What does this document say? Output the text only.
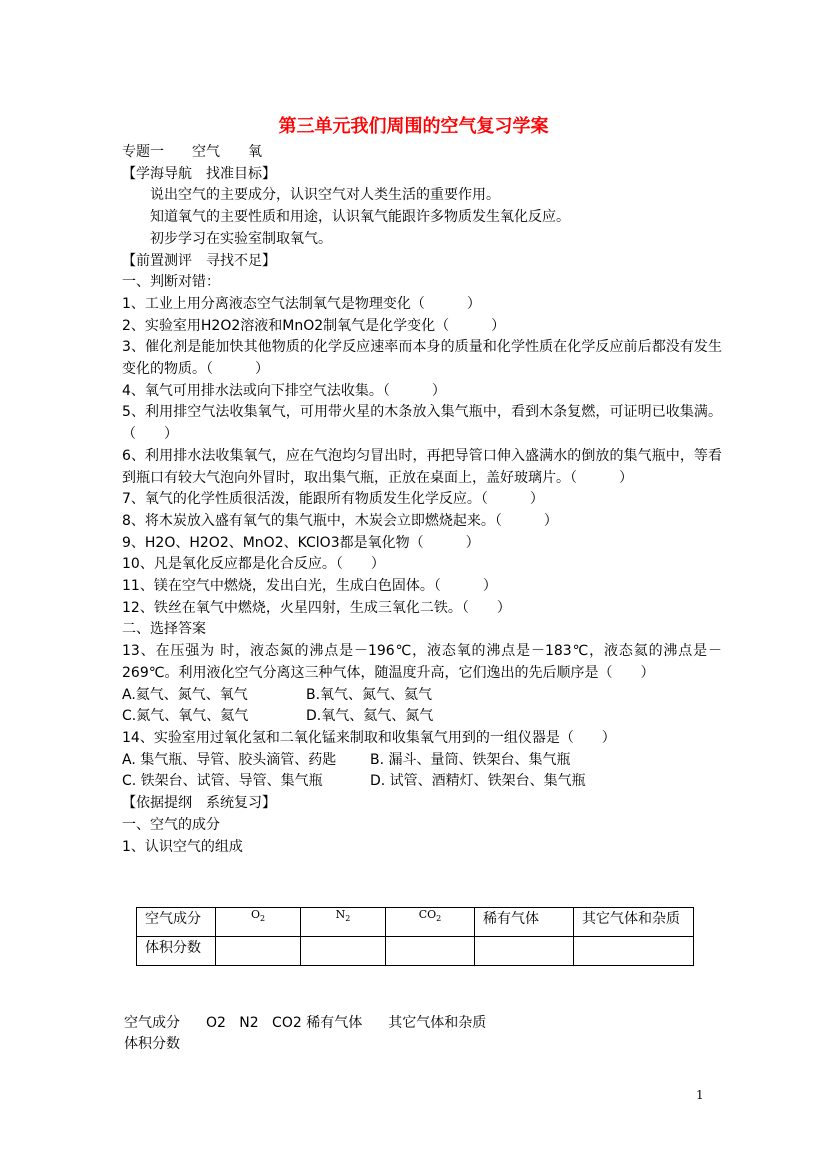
第三单元我们周围的空气复习学案
专题一　　空气　　氧
【学海导航　找准目标】
说出空气的主要成分，认识空气对人类生活的重要作用。
知道氧气的主要性质和用途，认识氧气能跟许多物质发生氧化反应。
初步学习在实验室制取氧气。
【前置测评　寻找不足】
一、判断对错：
1、工业上用分离液态空气法制氧气是物理变化（　　　）
2、实验室用H2O2溶液和MnO2制氧气是化学变化（　　　）
3、催化剂是能加快其他物质的化学反应速率而本身的质量和化学性质在化学反应前后都没有发生变化的物质。（　　　）
4、氧气可用排水法或向下排空气法收集。（　　　）
5、利用排空气法收集氧气，可用带火星的木条放入集气瓶中，看到木条复燃，可证明已收集满。（　　）
6、利用排水法收集氧气，应在气泡均匀冒出时，再把导管口伸入盛满水的倒放的集气瓶中，等看到瓶口有较大气泡向外冒时，取出集气瓶，正放在桌面上，盖好玻璃片。（　　　）
7、氧气的化学性质很活泼，能跟所有物质发生化学反应。（　　　）
8、将木炭放入盛有氧气的集气瓶中，木炭会立即燃烧起来。（　　　）
9、H2O、H2O2、MnO2、KClO3都是氧化物（　　　）
10、凡是氧化反应都是化合反应。（　　）
11、镁在空气中燃烧，发出白光，生成白色固体。（　　　）
12、铁丝在氧气中燃烧，火星四射，生成三氧化二铁。（　　）
二、选择答案
13、在压强为 时，液态氮的沸点是－196℃，液态氧的沸点是－183℃，液态氦的沸点是－269℃。利用液化空气分离这三种气体，随温度升高，它们逸出的先后顺序是（　　）
A.氦气、氮气、氧气	B.氧气、氮气、氦气
C.氮气、氧气、氦气	D.氧气、氦气、氮气
14、实验室用过氧化氢和二氧化锰来制取和收集氧气用到的一组仪器是（　　）
A. 集气瓶、导管、胶头滴管、药匙	B. 漏斗、量筒、铁架台、集气瓶
C. 铁架台、试管、导管、集气瓶	D. 试管、酒精灯、铁架台、集气瓶
【依据提纲　系统复习】
一、空气的成分
1、认识空气的组成
空气成分	$O_2$	$N_2$	$CO_2$	稀有气体	其它气体和杂质
体积分数					
空气成分 O2 N2 CO2 稀有气体 其它气体和杂质
体积分数
1
